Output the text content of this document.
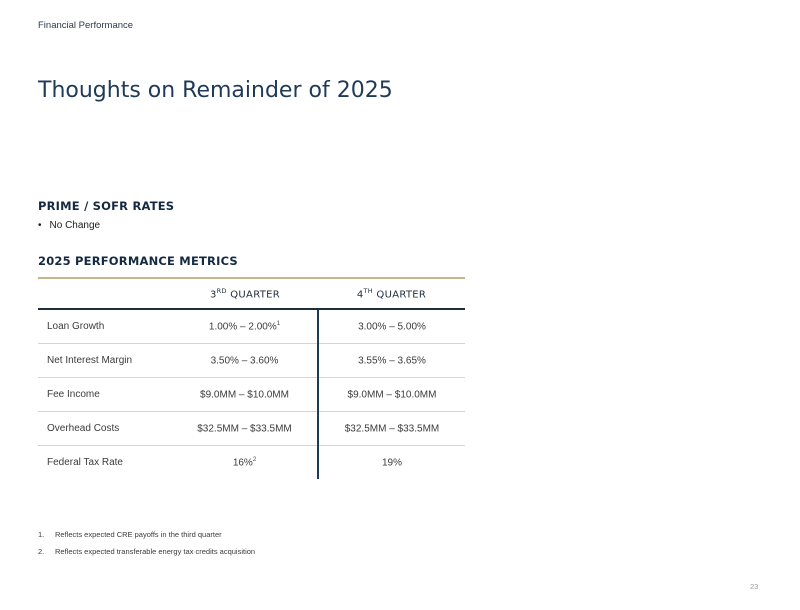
Financial Performance
Thoughts on Remainder of 2025
PRIME / SOFR RATES
• No Change
2025 PERFORMANCE METRICS
	3RD QUARTER	4TH QUARTER
Loan Growth	1.00% – 2.00%$^1$	3.00% – 5.00%
Net Interest Margin	3.50% – 3.60%	3.55% – 3.65%
Fee Income	$9.0MM – $10.0MM	$9.0MM – $10.0MM
Overhead Costs	$32.5MM – $33.5MM	$32.5MM – $33.5MM
Federal Tax Rate	16%$^2$	19%
1. Reflects expected CRE payoffs in the third quarter
2. Reflects expected transferable energy tax credits acquisition
23
